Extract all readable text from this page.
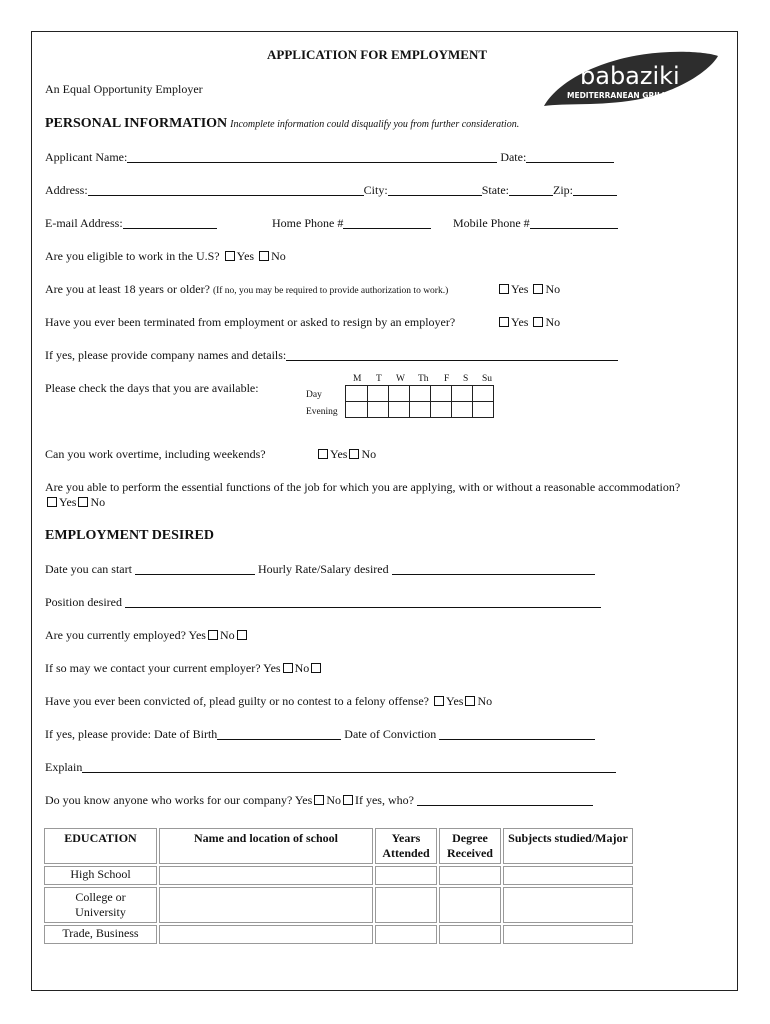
APPLICATION FOR EMPLOYMENT
An Equal Opportunity Employer	babaziki
MEDITERRANEAN GRILL
PERSONAL INFORMATION Incomplete information could disqualify you from further consideration.
Applicant Name:	Date:
Address:	City:	State:	Zip:
E-mail Address:	Home Phone #	Mobile Phone #
Are you eligible to work in the U.S? Yes No
Are you at least 18 years or older? (If no, you may be required to provide authorization to work.)	Yes No
Have you ever been terminated from employment or asked to resign by an employer?	Yes No
If yes, please provide company names and details:
Please check the days that you are available:
M T W Th F S Su
Day
Evening

Can you work overtime, including weekends?	Yes No
Are you able to perform the essential functions of the job for which you are applying, with or without a reasonable accommodation?
Yes No
EMPLOYMENT DESIRED
Date you can start	Hourly Rate/Salary desired
Position desired
Are you currently employed? Yes No
If so may we contact your current employer? Yes No
Have you ever been convicted of, plead guilty or no contest to a felony offense? Yes No
If yes, please provide: Date of Birth	Date of Conviction
Explain
Do you know anyone who works for our company? Yes No If yes, who?
EDUCATION	Name and location of school	Years Attended	Degree Received	Subjects studied/Major
High School				
College or University				
Trade, Business				
